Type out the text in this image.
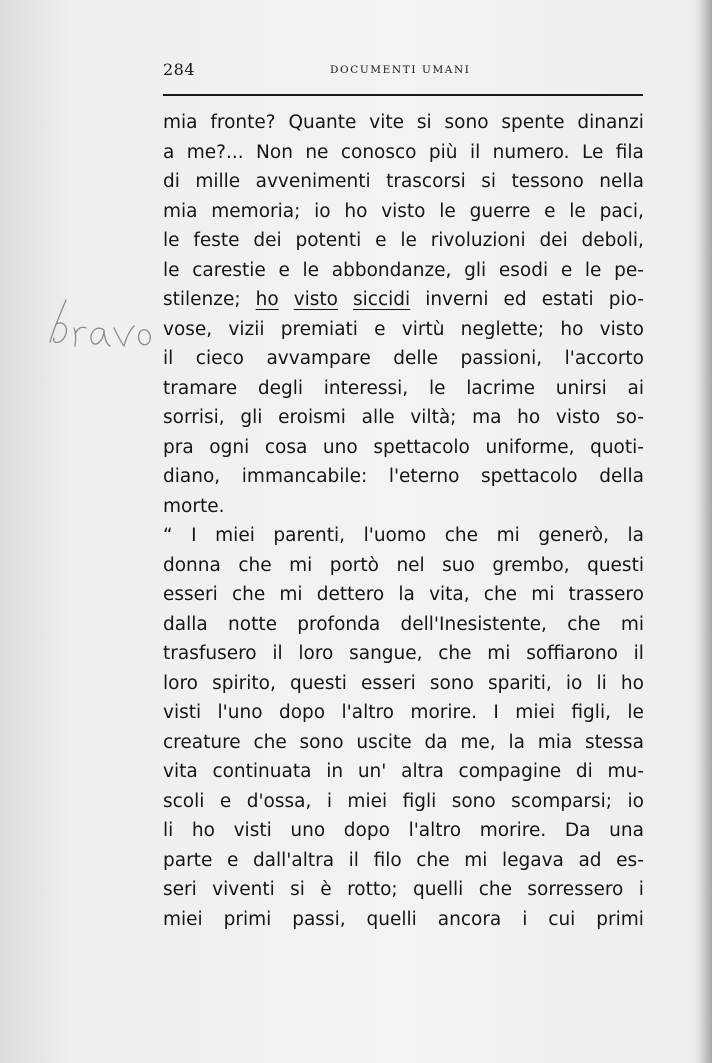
284	DOCUMENTI UMANI
mia fronte? Quante vite si sono spente dinanzi
a me?... Non ne conosco più il numero. Le fila
di mille avvenimenti trascorsi si tessono nella
mia memoria; io ho visto le guerre e le paci,
le feste dei potenti e le rivoluzioni dei deboli,
le carestie e le abbondanze, gli esodi e le pe-
stilenze; ho visto siccidi inverni ed estati pio-
vose, vizii premiati e virtù neglette; ho visto
il cieco avvampare delle passioni, l'accorto
tramare degli interessi, le lacrime unirsi ai
sorrisi, gli eroismi alle viltà; ma ho visto so-
pra ogni cosa uno spettacolo uniforme, quoti-
diano, immancabile: l'eterno spettacolo della
morte.
“ I miei parenti, l'uomo che mi generò, la
donna che mi portò nel suo grembo, questi
esseri che mi dettero la vita, che mi trassero
dalla notte profonda dell'Inesistente, che mi
trasfusero il loro sangue, che mi soffiarono il
loro spirito, questi esseri sono spariti, io li ho
visti l'uno dopo l'altro morire. I miei figli, le
creature che sono uscite da me, la mia stessa
vita continuata in un' altra compagine di mu-
scoli e d'ossa, i miei figli sono scomparsi; io
li ho visti uno dopo l'altro morire. Da una
parte e dall'altra il filo che mi legava ad es-
seri viventi si è rotto; quelli che sorressero i
miei primi passi, quelli ancora i cui primi
